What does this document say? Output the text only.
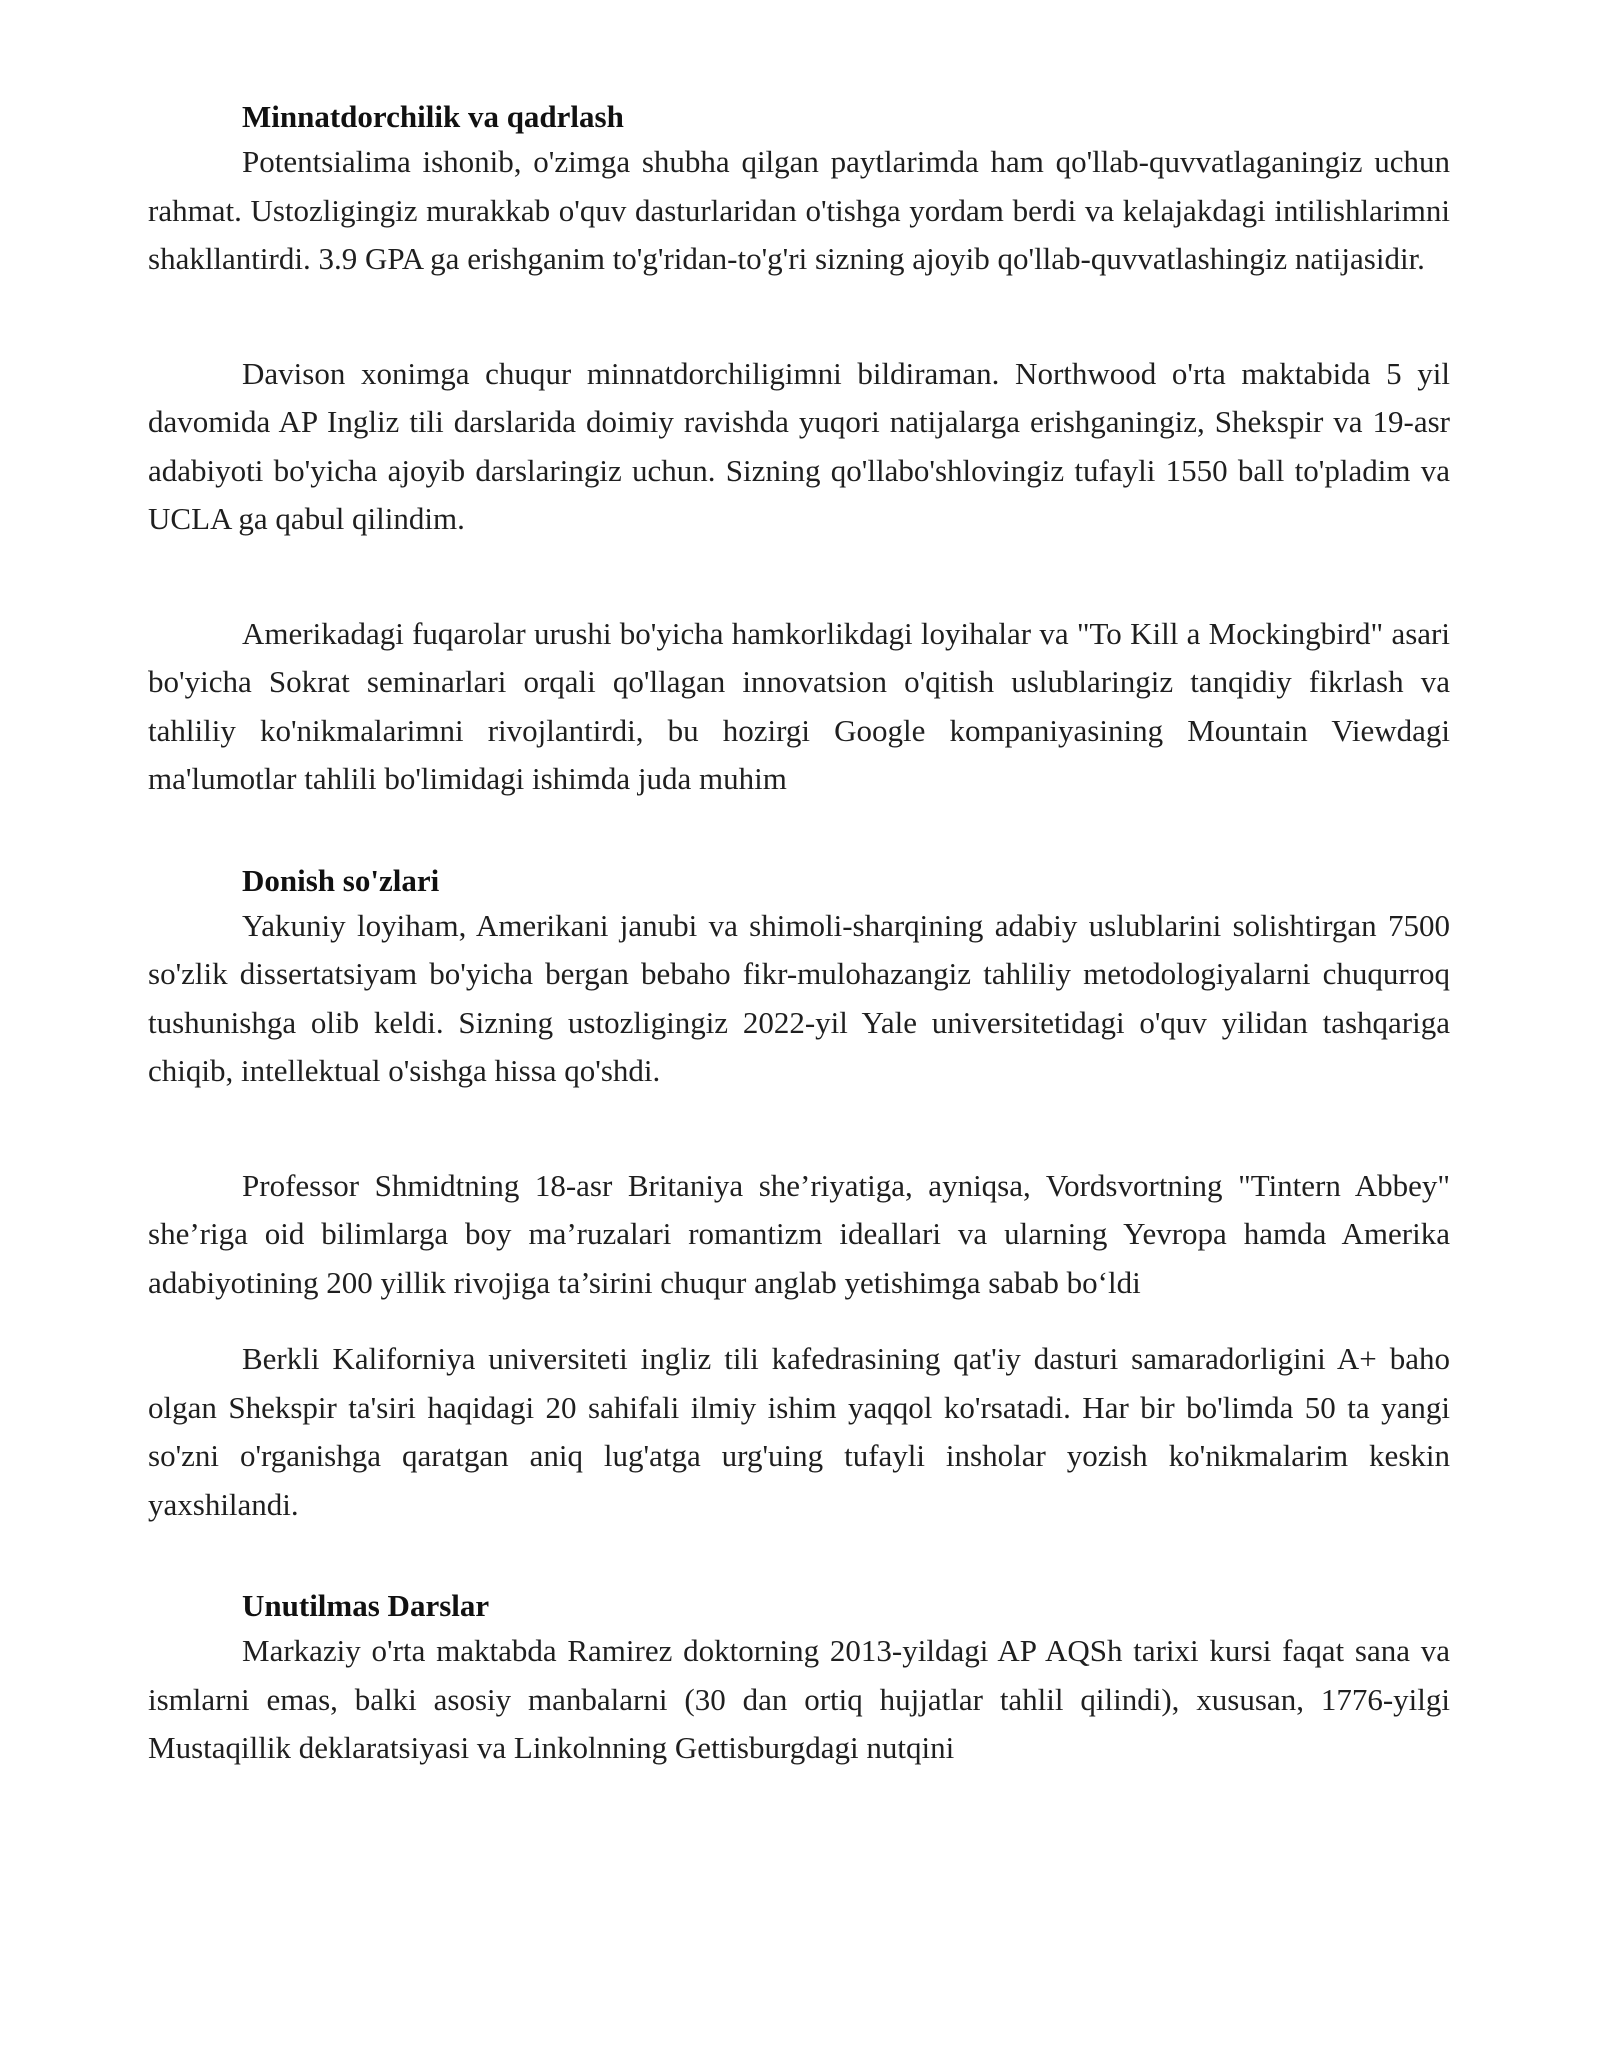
Minnatdorchilik va qadrlash

Potentsialima ishonib, o'zimga shubha qilgan paytlarimda ham qo'llab-quvvatlaganingiz uchun rahmat. Ustozligingiz murakkab o'quv dasturlaridan o'tishga yordam berdi va kelajakdagi intilishlarimni shakllantirdi. 3.9 GPA ga erishganim to'g'ridan-to'g'ri sizning ajoyib qo'llab-quvvatlashingiz natijasidir.

Davison xonimga chuqur minnatdorchiligimni bildiraman. Northwood o'rta maktabida 5 yil davomida AP Ingliz tili darslarida doimiy ravishda yuqori natijalarga erishganingiz, Shekspir va 19-asr adabiyoti bo'yicha ajoyib darslaringiz uchun. Sizning qo'llabo'shlovingiz tufayli 1550 ball to'pladim va UCLA ga qabul qilindim.

Amerikadagi fuqarolar urushi bo'yicha hamkorlikdagi loyihalar va "To Kill a Mockingbird" asari bo'yicha Sokrat seminarlari orqali qo'llagan innovatsion o'qitish uslublaringiz tanqidiy fikrlash va tahliliy ko'nikmalarimni rivojlantirdi, bu hozirgi Google kompaniyasining Mountain Viewdagi ma'lumotlar tahlili bo'limidagi ishimda juda muhim

Donish so'zlari

Yakuniy loyiham, Amerikani janubi va shimoli-sharqining adabiy uslublarini solishtirgan 7500 so'zlik dissertatsiyam bo'yicha bergan bebaho fikr-mulohazangiz tahliliy metodologiyalarni chuqurroq tushunishga olib keldi. Sizning ustozligingiz 2022-yil Yale universitetidagi o'quv yilidan tashqariga chiqib, intellektual o'sishga hissa qo'shdi.

Professor Shmidtning 18-asr Britaniya she’riyatiga, ayniqsa, Vordsvortning "Tintern Abbey" she’riga oid bilimlarga boy ma’ruzalari romantizm ideallari va ularning Yevropa hamda Amerika adabiyotining 200 yillik rivojiga ta’sirini chuqur anglab yetishimga sabab bo‘ldi

Berkli Kaliforniya universiteti ingliz tili kafedrasining qat'iy dasturi samaradorligini A+ baho olgan Shekspir ta'siri haqidagi 20 sahifali ilmiy ishim yaqqol ko'rsatadi. Har bir bo'limda 50 ta yangi so'zni o'rganishga qaratgan aniq lug'atga urg'uing tufayli insholar yozish ko'nikmalarim keskin yaxshilandi.

Unutilmas Darslar

Markaziy o'rta maktabda Ramirez doktorning 2013-yildagi AP AQSh tarixi kursi faqat sana va ismlarni emas, balki asosiy manbalarni (30 dan ortiq hujjatlar tahlil qilindi), xususan, 1776-yilgi Mustaqillik deklaratsiyasi va Linkolnning Gettisburgdagi nutqini
